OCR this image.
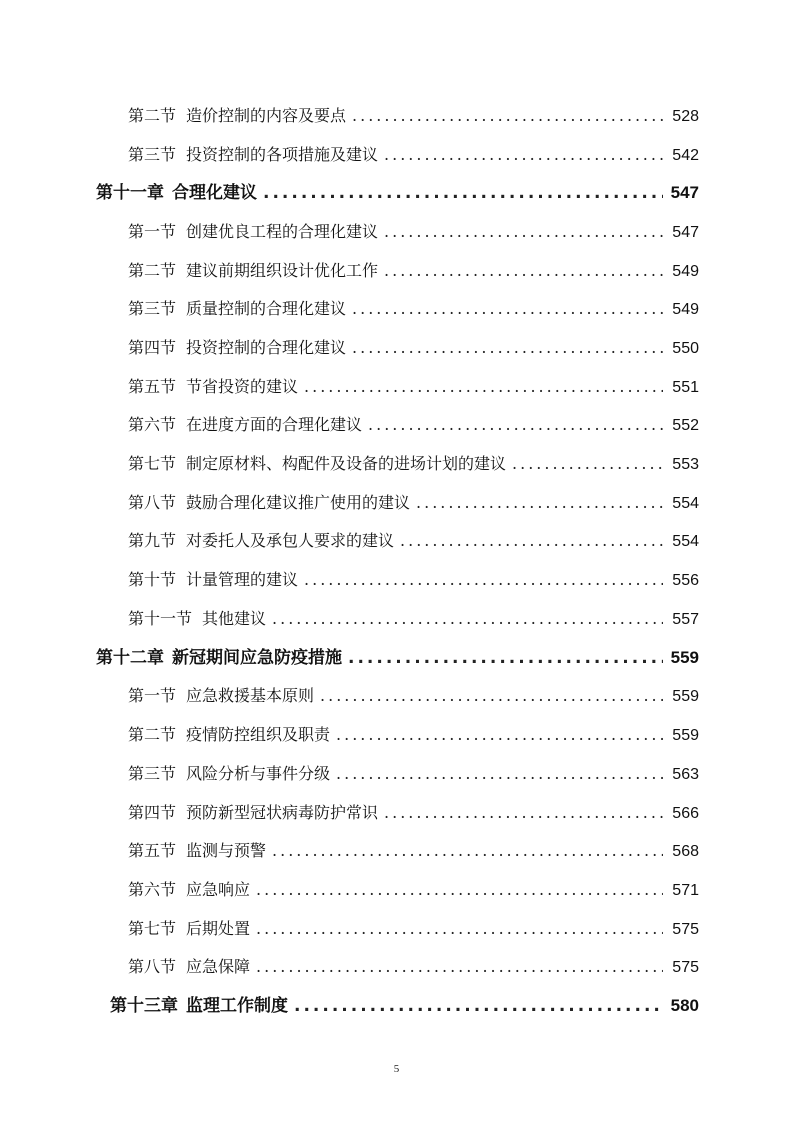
第二节 造价控制的内容及要点 .....	528
第三节 投资控制的各项措施及建议 .....	542
第十一章 合理化建议 .....	547
第一节 创建优良工程的合理化建议 .....	547
第二节 建议前期组织设计优化工作 .....	549
第三节 质量控制的合理化建议 .....	549
第四节 投资控制的合理化建议 .....	550
第五节 节省投资的建议 .....	551
第六节 在进度方面的合理化建议 .....	552
第七节 制定原材料、构配件及设备的进场计划的建议 .....	553
第八节 鼓励合理化建议推广使用的建议 .....	554
第九节 对委托人及承包人要求的建议 .....	554
第十节 计量管理的建议 .....	556
第十一节 其他建议 .....	557
第十二章 新冠期间应急防疫措施 .....	559
第一节 应急救援基本原则 .....	559
第二节 疫情防控组织及职责 .....	559
第三节 风险分析与事件分级 .....	563
第四节 预防新型冠状病毒防护常识 .....	566
第五节 监测与预警 .....	568
第六节 应急响应 .....	571
第七节 后期处置 .....	575
第八节 应急保障 .....	575
第十三章 监理工作制度 .....	580
5
